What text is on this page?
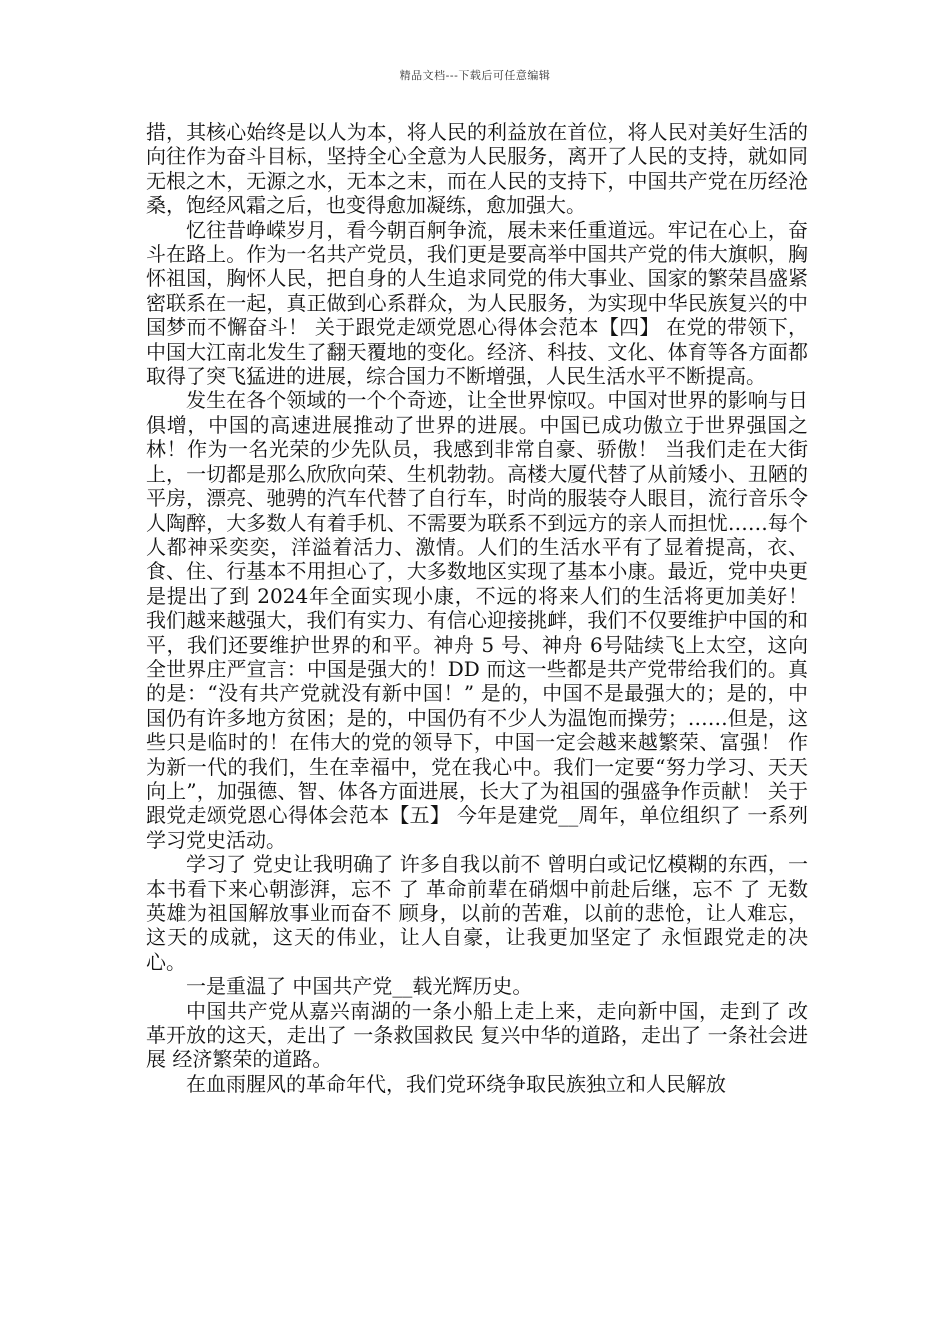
精品文档---下载后可任意编辑

措，其核心始终是以人为本，将人民的利益放在首位，将人民对美好生活的向往作为奋斗目标，坚持全心全意为人民服务，离开了人民的支持，就如同无根之木，无源之水，无本之末，而在人民的支持下，中国共产党在历经沧桑，饱经风霜之后，也变得愈加凝练，愈加强大。

忆往昔峥嵘岁月，看今朝百舸争流，展未来任重道远。牢记在心上，奋斗在路上。作为一名共产党员，我们更是要高举中国共产党的伟大旗帜，胸怀祖国，胸怀人民，把自身的人生追求同党的伟大事业、国家的繁荣昌盛紧密联系在一起，真正做到心系群众，为人民服务，为实现中华民族复兴的中国梦而不懈奋斗！ 关于跟党走颂党恩心得体会范本【四】 在党的带领下，中国大江南北发生了翻天覆地的变化。经济、科技、文化、体育等各方面都取得了突飞猛进的进展，综合国力不断增强，人民生活水平不断提高。

发生在各个领域的一个个奇迹，让全世界惊叹。中国对世界的影响与日俱增，中国的高速进展推动了世界的进展。中国已成功傲立于世界强国之林！作为一名光荣的少先队员，我感到非常自豪、骄傲！ 当我们走在大街上，一切都是那么欣欣向荣、生机勃勃。高楼大厦代替了从前矮小、丑陋的平房，漂亮、驰骋的汽车代替了自行车，时尚的服装夺人眼目，流行音乐令人陶醉，大多数人有着手机、不需要为联系不到远方的亲人而担忧……每个人都神采奕奕，洋溢着活力、激情。人们的生活水平有了显着提高，衣、食、住、行基本不用担心了，大多数地区实现了基本小康。最近，党中央更是提出了到 2024年全面实现小康，不远的将来人们的生活将更加美好！ 我们越来越强大，我们有实力、有信心迎接挑衅，我们不仅要维护中国的和平，我们还要维护世界的和平。神舟 5 号、神舟 6号陆续飞上太空，这向全世界庄严宣言：中国是强大的！DD 而这一些都是共产党带给我们的。真的是：“没有共产党就没有新中国！” 是的，中国不是最强大的；是的，中国仍有许多地方贫困；是的，中国仍有不少人为温饱而操劳；……但是，这些只是临时的！在伟大的党的领导下，中国一定会越来越繁荣、富强！ 作为新一代的我们，生在幸福中，党在我心中。我们一定要“努力学习、天天向上”，加强德、智、体各方面进展，长大了为祖国的强盛争作贡献！ 关于跟党走颂党恩心得体会范本【五】 今年是建党__周年，单位组织了 一系列 学习党史活动。

学习了 党史让我明确了 许多自我以前不 曾明白或记忆模糊的东西，一本书看下来心朝澎湃，忘不 了 革命前辈在硝烟中前赴后继，忘不 了 无数英雄为祖国解放事业而奋不 顾身，以前的苦难，以前的悲怆，让人难忘，这天的成就，这天的伟业，让人自豪，让我更加坚定了 永恒跟党走的决心。

一是重温了 中国共产党__载光辉历史。

中国共产党从嘉兴南湖的一条小船上走上来，走向新中国，走到了 改革开放的这天，走出了 一条救国救民 复兴中华的道路，走出了 一条社会进展 经济繁荣的道路。

在血雨腥风的革命年代，我们党环绕争取民族独立和人民解放
